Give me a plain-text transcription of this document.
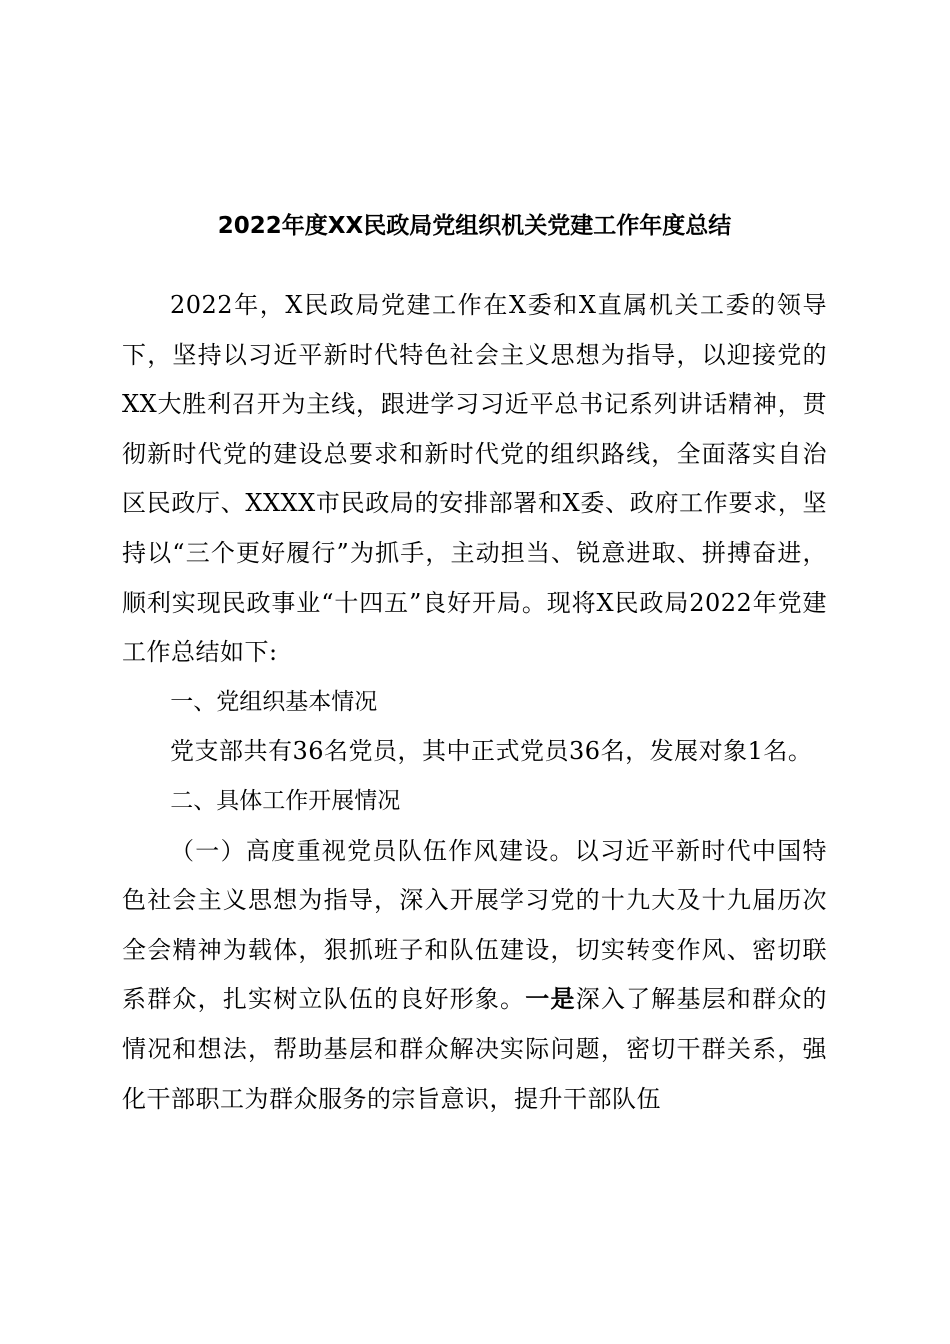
2022年度XX民政局党组织机关党建工作年度总结

2022年，X民政局党建工作在X委和X直属机关工委的领导下，坚持以习近平新时代特色社会主义思想为指导，以迎接党的XX大胜利召开为主线，跟进学习习近平总书记系列讲话精神，贯彻新时代党的建设总要求和新时代党的组织路线，全面落实自治区民政厅、XXXX市民政局的安排部署和X委、政府工作要求，坚持以“三个更好履行”为抓手，主动担当、锐意进取、拼搏奋进，顺利实现民政事业“十四五”良好开局。现将X民政局2022年党建工作总结如下:

一、党组织基本情况

党支部共有36名党员，其中正式党员36名，发展对象1名。

二、具体工作开展情况

（一）高度重视党员队伍作风建设。以习近平新时代中国特色社会主义思想为指导，深入开展学习党的十九大及十九届历次全会精神为载体，狠抓班子和队伍建设，切实转变作风、密切联系群众，扎实树立队伍的良好形象。一是深入了解基层和群众的情况和想法，帮助基层和群众解决实际问题，密切干群关系，强化干部职工为群众服务的宗旨意识，提升干部队伍
